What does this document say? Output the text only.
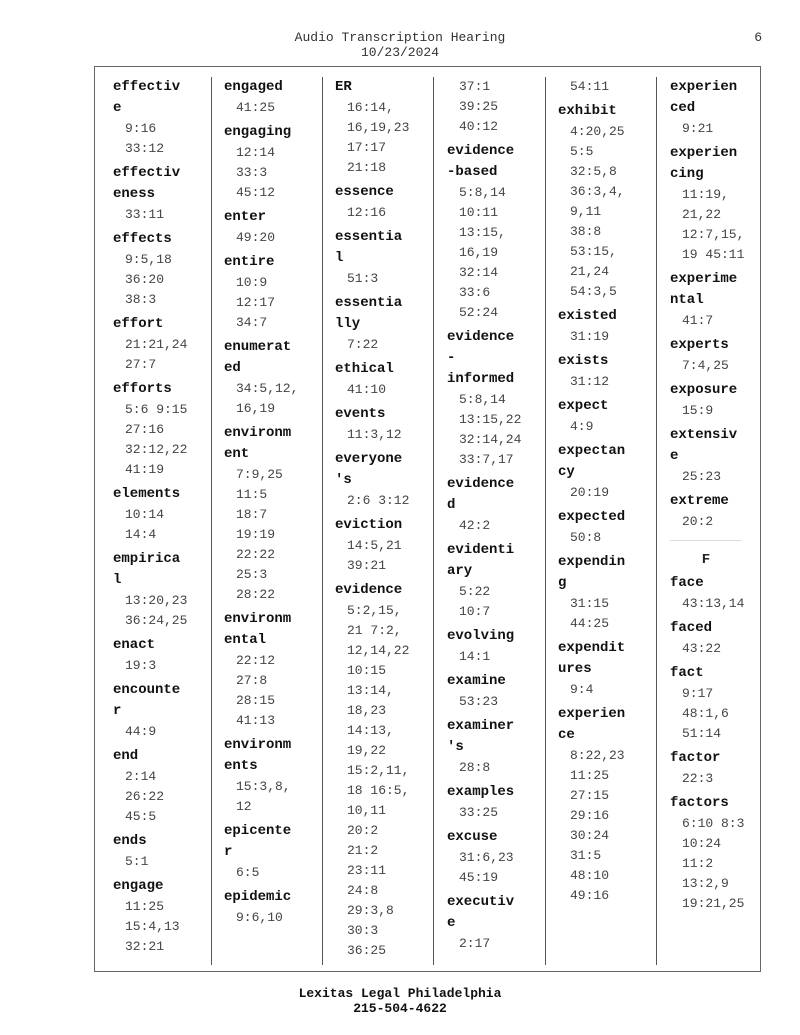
Audio Transcription Hearing
10/23/2024
6
effectiv
e
9:16
33:12
effectiv
eness
33:11
effects
9:5,18
36:20
38:3
effort
21:21,24
27:7
efforts
5:6 9:15
27:16
32:12,22
41:19
elements
10:14
14:4
empirica
l
13:20,23
36:24,25
enact
19:3
encounte
r
44:9
end
2:14
26:22
45:5
ends
5:1
engage
11:25
15:4,13
32:21
engaged
41:25
engaging
12:14
33:3
45:12
enter
49:20
entire
10:9
12:17
34:7
enumerat
ed
34:5,12,
16,19
environm
ent
7:9,25
11:5
18:7
19:19
22:22
25:3
28:22
environm
ental
22:12
27:8
28:15
41:13
environm
ents
15:3,8,
12
epicente
r
6:5
epidemic
9:6,10
ER
16:14,
16,19,23
17:17
21:18
essence
12:16
essentia
l
51:3
essentia
lly
7:22
ethical
41:10
events
11:3,12
everyone
's
2:6 3:12
eviction
14:5,21
39:21
evidence
5:2,15,
21 7:2,
12,14,22
10:15
13:14,
18,23
14:13,
19,22
15:2,11,
18 16:5,
10,11
20:2
21:2
23:11
24:8
29:3,8
30:3
36:25
37:1
39:25
40:12
evidence
-based
5:8,14
10:11
13:15,
16,19
32:14
33:6
52:24
evidence
-
informed
5:8,14
13:15,22
32:14,24
33:7,17
evidence
d
42:2
evidenti
ary
5:22
10:7
evolving
14:1
examine
53:23
examiner
's
28:8
examples
33:25
excuse
31:6,23
45:19
executiv
e
2:17
54:11
exhibit
4:20,25
5:5
32:5,8
36:3,4,
9,11
38:8
53:15,
21,24
54:3,5
existed
31:19
exists
31:12
expect
4:9
expectan
cy
20:19
expected
50:8
expendin
g
31:15
44:25
expendit
ures
9:4
experien
ce
8:22,23
11:25
27:15
29:16
30:24
31:5
48:10
49:16
experien
ced
9:21
experien
cing
11:19,
21,22
12:7,15,
19 45:11
experime
ntal
41:7
experts
7:4,25
exposure
15:9
extensiv
e
25:23
extreme
20:2
F
face
43:13,14
faced
43:22
fact
9:17
48:1,6
51:14
factor
22:3
factors
6:10 8:3
10:24
11:2
13:2,9
19:21,25
Lexitas Legal Philadelphia
215-504-4622
